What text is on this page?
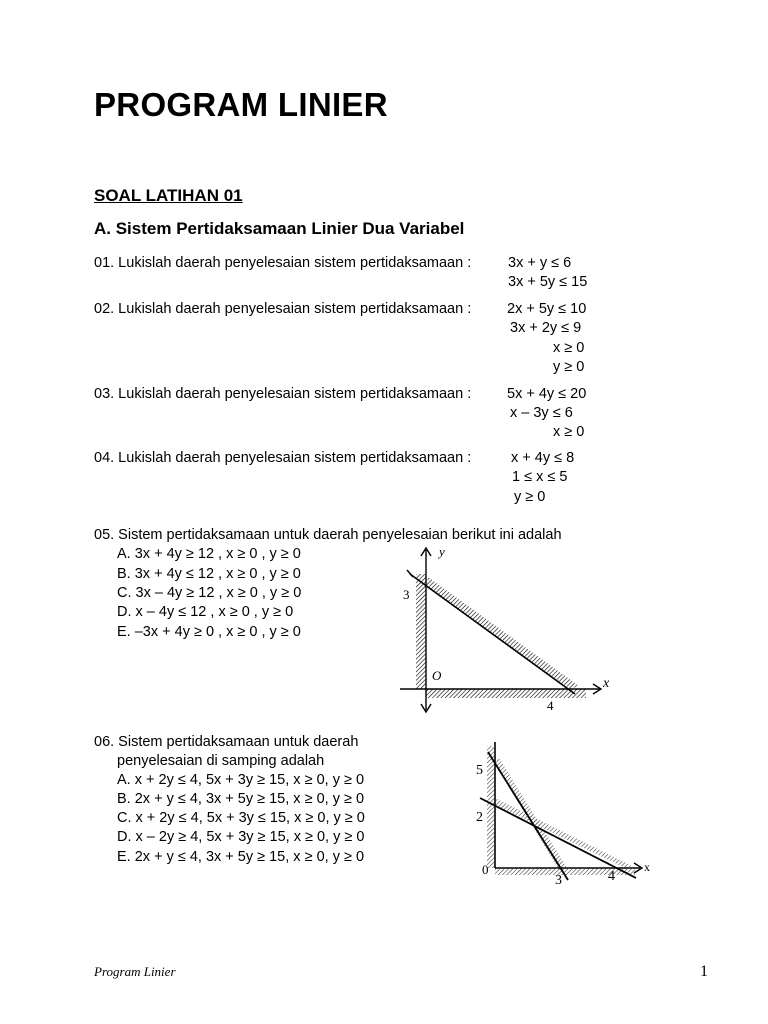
PROGRAM LINIER
SOAL LATIHAN 01
A. Sistem Pertidaksamaan Linier Dua Variabel
01. Lukislah daerah penyelesaian sistem pertidaksamaan :	3x + y ≤ 6
3x + 5y ≤ 15
02. Lukislah daerah penyelesaian sistem pertidaksamaan : 2x + 5y ≤ 10
3x + 2y ≤ 9
x ≥ 0
y ≥ 0
03. Lukislah daerah penyelesaian sistem pertidaksamaan : 5x + 4y ≤ 20
x – 3y ≤ 6
x ≥ 0
04. Lukislah daerah penyelesaian sistem pertidaksamaan :	x + 4y ≤ 8
1 ≤ x ≤ 5
y ≥ 0
05. Sistem pertidaksamaan untuk daerah penyelesaian berikut ini adalah
A. 3x + 4y ≥ 12 , x ≥ 0 , y ≥ 0
B. 3x + 4y ≤ 12 , x ≥ 0 , y ≥ 0
C. 3x – 4y ≥ 12 , x ≥ 0 , y ≥ 0
D. x – 4y ≤ 12 , x ≥ 0 , y ≥ 0
E. –3x + 4y ≥ 0 , x ≥ 0 , y ≥ 0
y
x
O
3
4
06. Sistem pertidaksamaan untuk daerah
penyelesaian di samping adalah
A. x + 2y ≤ 4, 5x + 3y ≥ 15, x ≥ 0, y ≥ 0
B. 2x + y ≤ 4, 3x + 5y ≥ 15, x ≥ 0, y ≥ 0
C. x + 2y ≤ 4, 5x + 3y ≤ 15, x ≥ 0, y ≥ 0
D. x – 2y ≥ 4, 5x + 3y ≥ 15, x ≥ 0, y ≥ 0
E. 2x + y ≤ 4, 3x + 5y ≥ 15, x ≥ 0, y ≥ 0
5
2
0
3	4
x
Program Linier	1
